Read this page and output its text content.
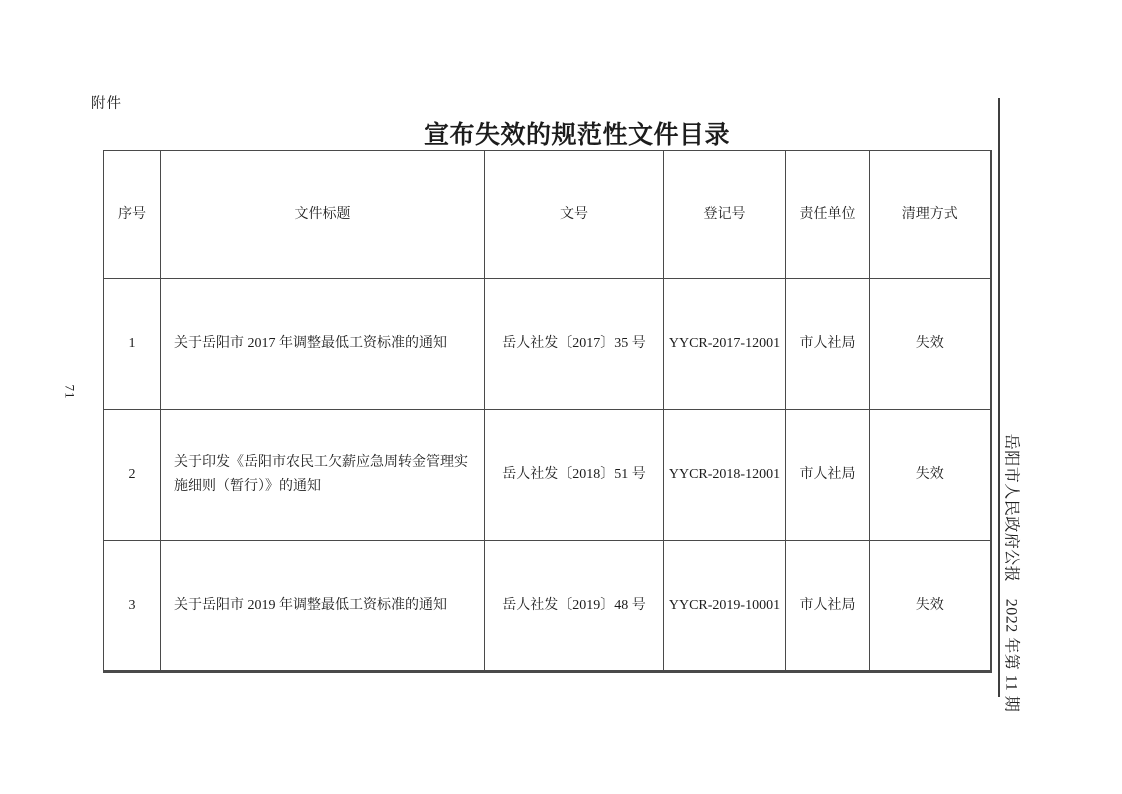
附件
宣布失效的规范性文件目录
序号	文件标题	文号	登记号	责任单位	清理方式
1	关于岳阳市 2017 年调整最低工资标准的通知	岳人社发〔2017〕35 号	YYCR-2017-12001	市人社局	失效
2	关于印发《岳阳市农民工欠薪应急周转金管理实施细则（暂行）》的通知	岳人社发〔2018〕51 号	YYCR-2018-12001	市人社局	失效
3	关于岳阳市 2019 年调整最低工资标准的通知	岳人社发〔2019〕48 号	YYCR-2019-10001	市人社局	失效
71
岳阳市人民政府公报　2022 年第 11 期
